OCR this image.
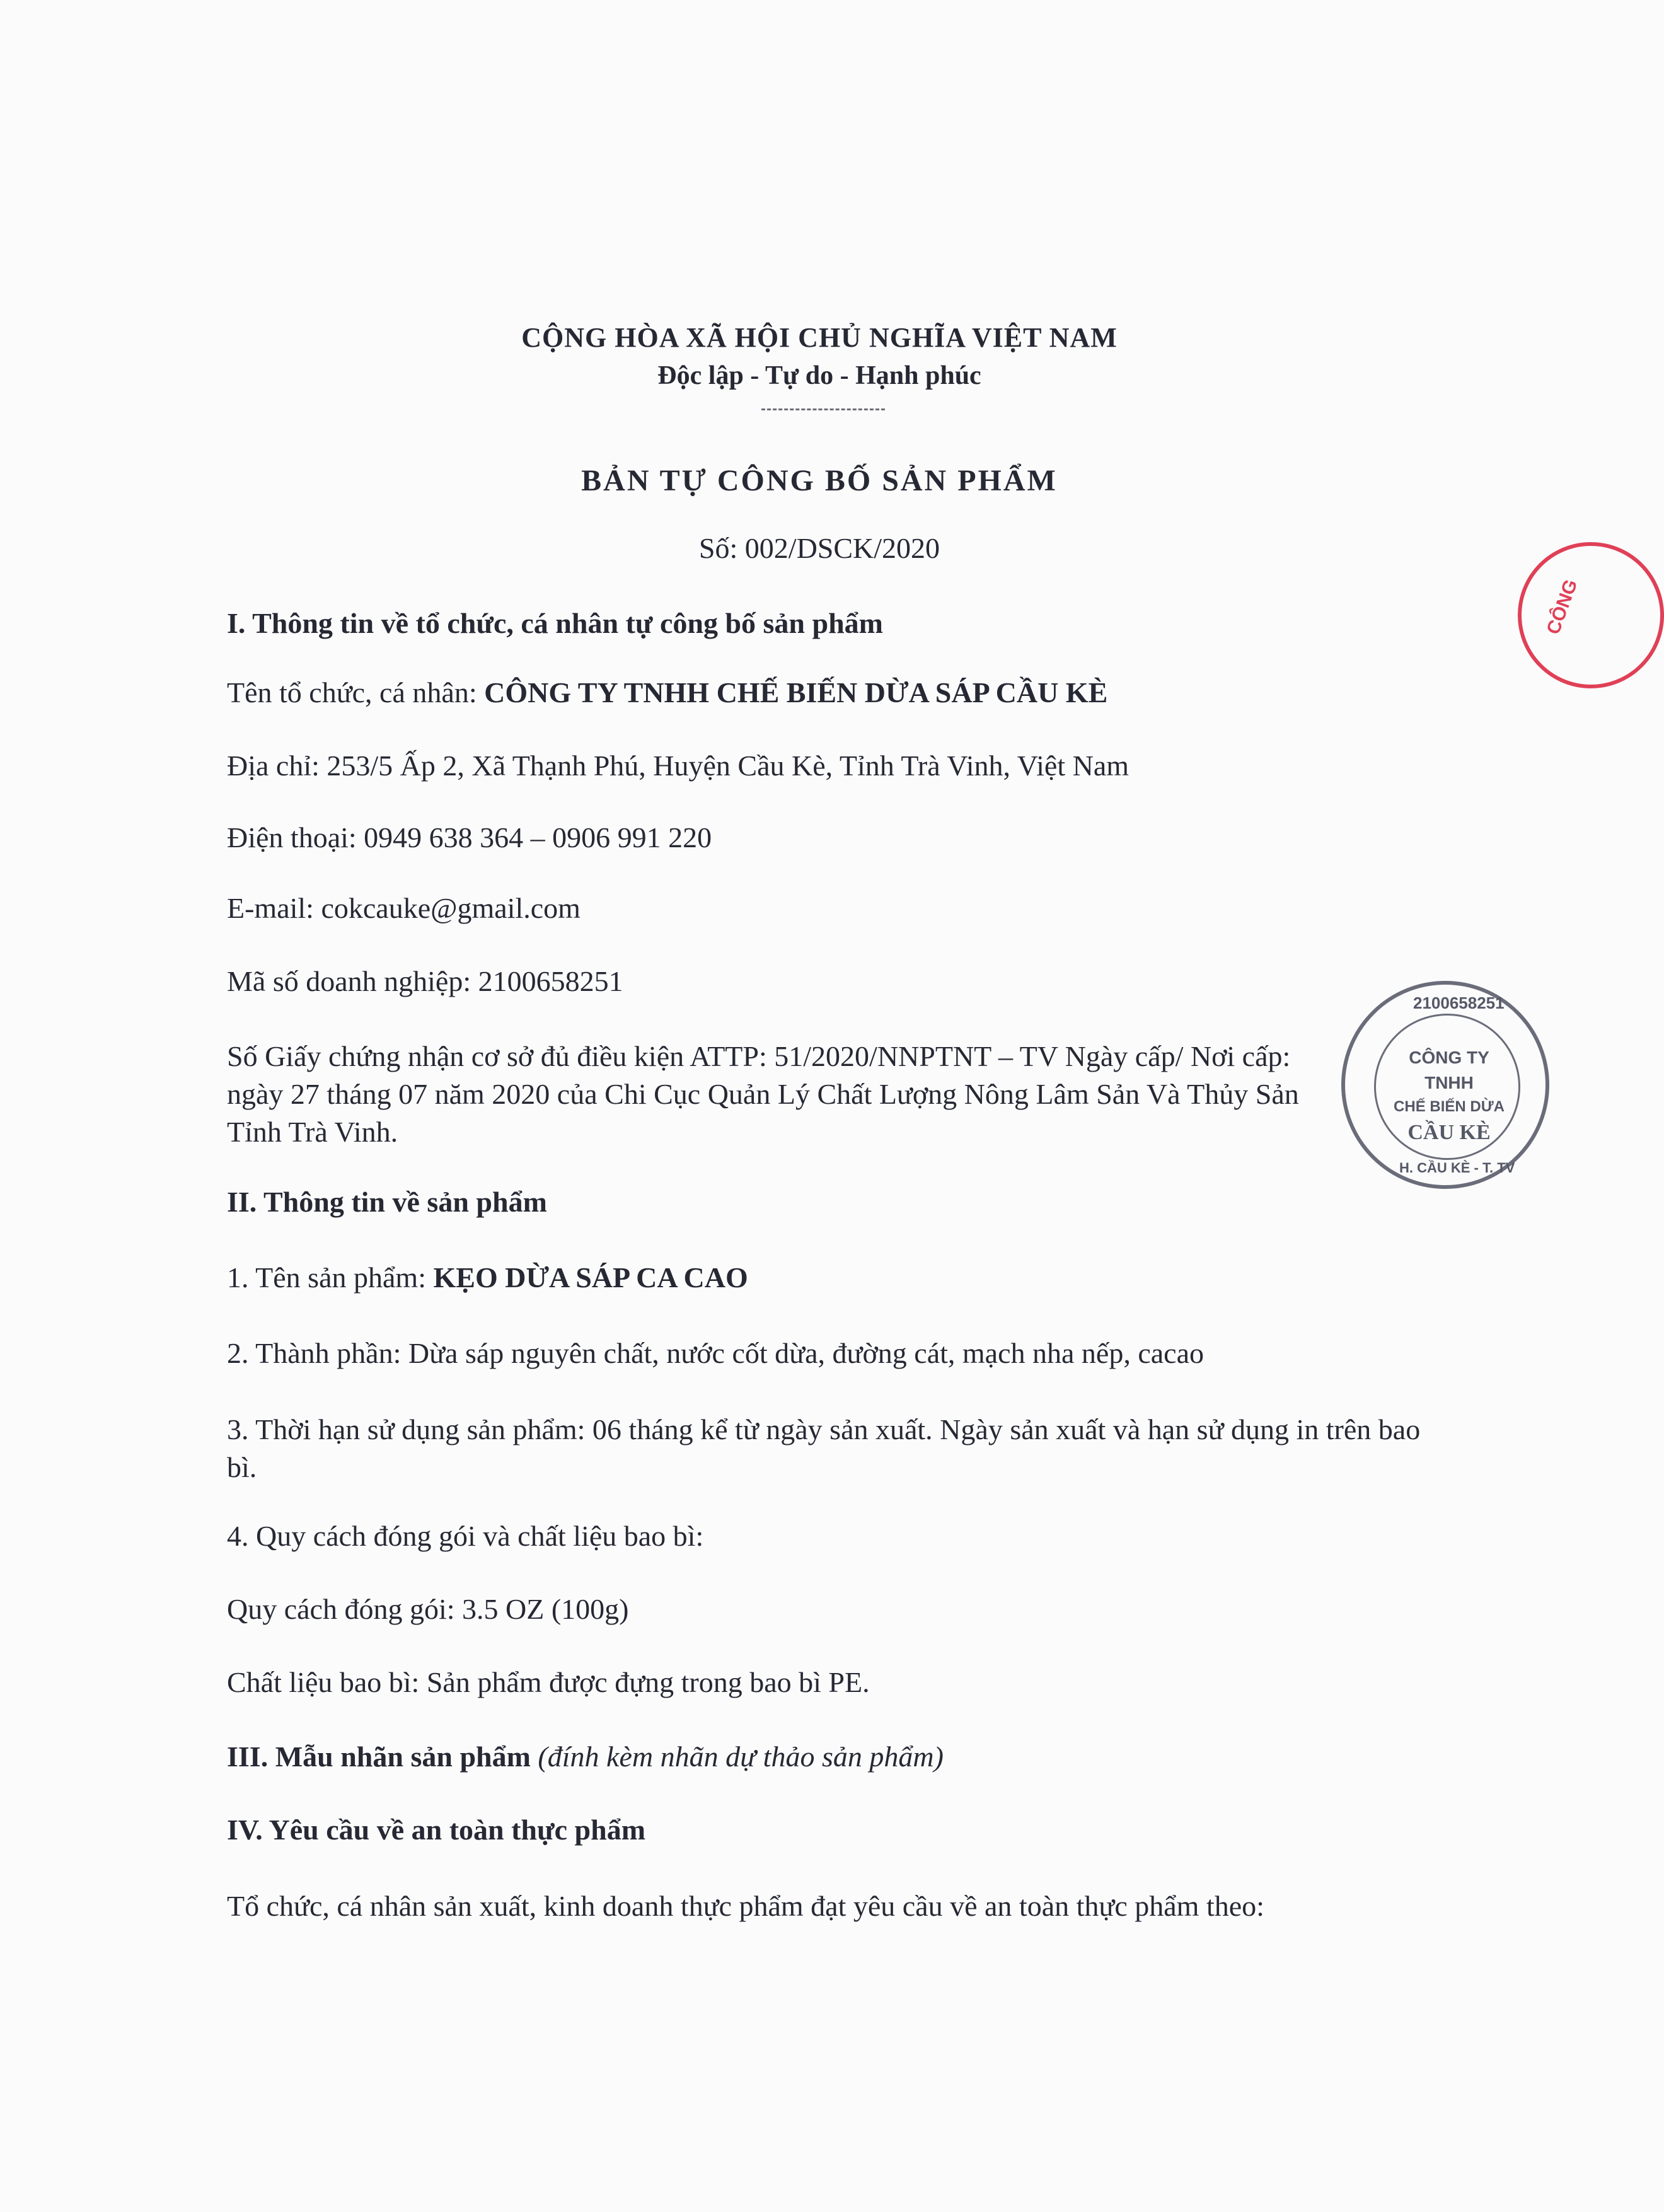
CỘNG HÒA XÃ HỘI CHỦ NGHĨA VIỆT NAM
Độc lập - Tự do - Hạnh phúc
BẢN TỰ CÔNG BỐ SẢN PHẨM
Số: 002/DSCK/2020
I. Thông tin về tổ chức, cá nhân tự công bố sản phẩm
Tên tổ chức, cá nhân: CÔNG TY TNHH CHẾ BIẾN DỪA SÁP CẦU KÈ
Địa chỉ: 253/5 Ấp 2, Xã Thạnh Phú, Huyện Cầu Kè, Tỉnh Trà Vinh, Việt Nam
Điện thoại: 0949 638 364 – 0906 991 220
E-mail: cokcauke@gmail.com
Mã số doanh nghiệp: 2100658251
Số Giấy chứng nhận cơ sở đủ điều kiện ATTP: 51/2020/NNPTNT – TV Ngày cấp/ Nơi cấp: ngày 27 tháng 07 năm 2020 của Chi Cục Quản Lý Chất Lượng Nông Lâm Sản Và Thủy Sản Tỉnh Trà Vinh.
II. Thông tin về sản phẩm
1. Tên sản phẩm: KẸO DỪA SÁP CA CAO
2. Thành phần: Dừa sáp nguyên chất, nước cốt dừa, đường cát, mạch nha nếp, cacao
3. Thời hạn sử dụng sản phẩm: 06 tháng kể từ ngày sản xuất. Ngày sản xuất và hạn sử dụng in trên bao bì.
4. Quy cách đóng gói và chất liệu bao bì:
Quy cách đóng gói: 3.5 OZ (100g)
Chất liệu bao bì: Sản phẩm được đựng trong bao bì PE.
III. Mẫu nhãn sản phẩm (đính kèm nhãn dự thảo sản phẩm)
IV. Yêu cầu về an toàn thực phẩm
Tổ chức, cá nhân sản xuất, kinh doanh thực phẩm đạt yêu cầu về an toàn thực phẩm theo:
2100658251
CÔNG TY
TNHH
CHẾ BIẾN DỪA
CẦU KÈ
H. CẦU KÈ - T. TV
CÔNG
